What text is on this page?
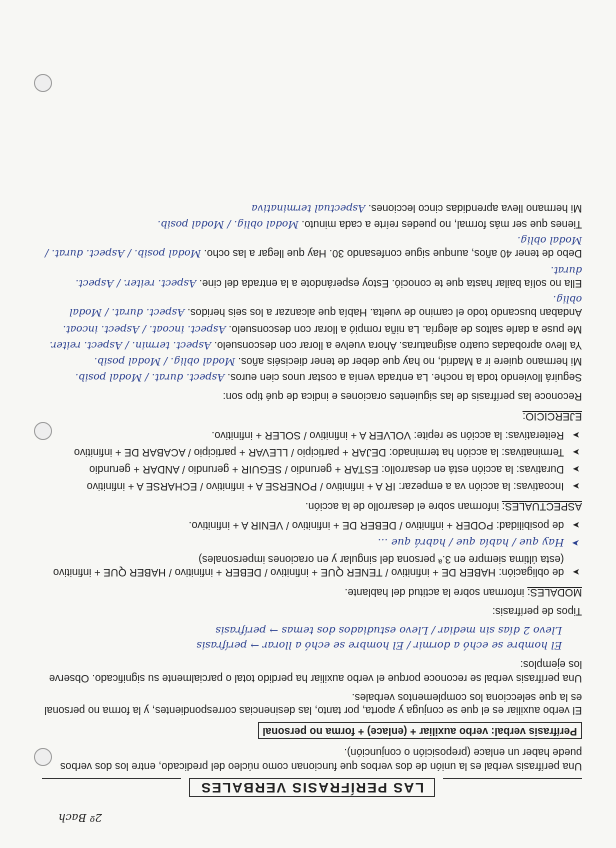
2º Bach
LAS PERÍFRASIS VERBALES

Una perífrasis verbal es la unión de dos verbos que funcionan como núcleo del predicado, entre los dos verbos puede haber un enlace (preposición o conjunción).

Perífrasis verbal: verbo auxiliar + (enlace) + forma no personal

El verbo auxiliar es el que se conjuga y aporta, por tanto, las desinencias correspondientes, y la forma no personal es la que selecciona los complementos verbales.

Una perífrasis verbal se reconoce porque el verbo auxiliar ha perdido total o parcialmente su significado. Observe los ejemplos:

El hombre se echó a dormir / El hombre se echó a llorar → perífrasis
Llevo 2 días sin mediar / Llevo estudiados dos temas → perífrasis

Tipos de perífrasis:

MODALES: informan sobre la actitud del hablante.

➤ de obligación: HABER DE + infinitivo / TENER QUE + infinitivo / DEBER + infinitivo / HABER QUE + infinitivo (esta última siempre en 3.ª persona del singular y en oraciones impersonales)
➤ Hay que / había que / habrá que ...
➤ de posibilidad: PODER + infinitivo / DEBER DE + infinitivo / VENIR A + infinitivo.

ASPECTUALES: informan sobre el desarrollo de la acción.

➤ Incoativas: la acción va a empezar: IR A + infinitivo / PONERSE A + infinitivo / ECHARSE A + infinitivo
➤ Durativas: la acción está en desarrollo: ESTAR + gerundio / SEGUIR + gerundio / ANDAR + gerundio
➤ Terminativas: la acción ha terminado: DEJAR + participio / LLEVAR + participio / ACABAR DE + infinitivo
➤ Reiterativas: la acción se repite: VOLVER A + infinitivo / SOLER + infinitivo.

EJERCICIO:

Reconoce las perífrasis de las siguientes oraciones e indica de qué tipo son:

Seguirá lloviendo toda la noche. La entrada venía a costar unos cien euros. Aspect. durat. / Modal posib.

Mi hermano quiere ir a Madrid, no hay que deber de tener dieciséis años. Modal oblig. / Modal posib.

Ya llevo aprobadas cuatro asignaturas. Ahora vuelve a llorar con desconsuelo. Aspect. termin. / Aspect. reiter.

Me puse a darle saltos de alegría. La niña rompió a llorar con desconsuelo. Aspect. incoat. / Aspect. incoat.

Andaban buscando todo el camino de vuelta. Había que alcanzar a los seis heridos. Aspect. durat. / Modal oblig.

Ella no solía bailar hasta que te conoció. Estoy esperándote a la entrada del cine. Aspect. reiter. / Aspect. durat.

Debo de tener 40 años, aunque sigue confesando 30. Hay que llegar a las ocho. Modal posib. / Aspect. durat. / Modal oblig.

Tienes que ser más formal, no puedes reírte a cada minuto. Modal oblig. / Modal posib.

Mi hermano lleva aprendidas cinco lecciones. Aspectual terminativa
